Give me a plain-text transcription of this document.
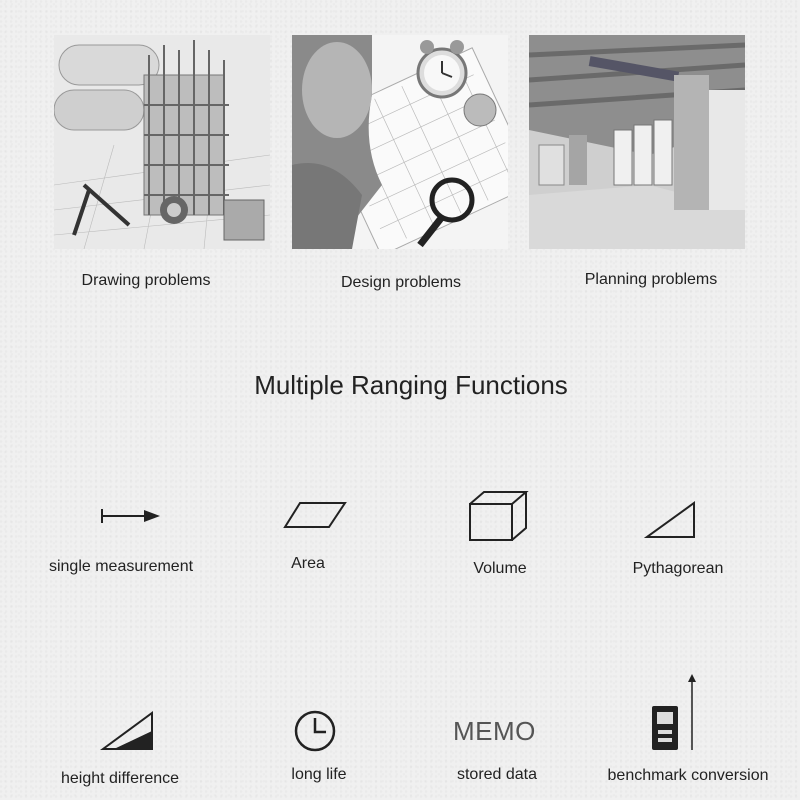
Drawing problems	Design problems	Planning problems
Multiple Ranging Functions
single measurement	Area	Volume	Pythagorean
MEMO
height difference	long life	stored data	benchmark conversion
